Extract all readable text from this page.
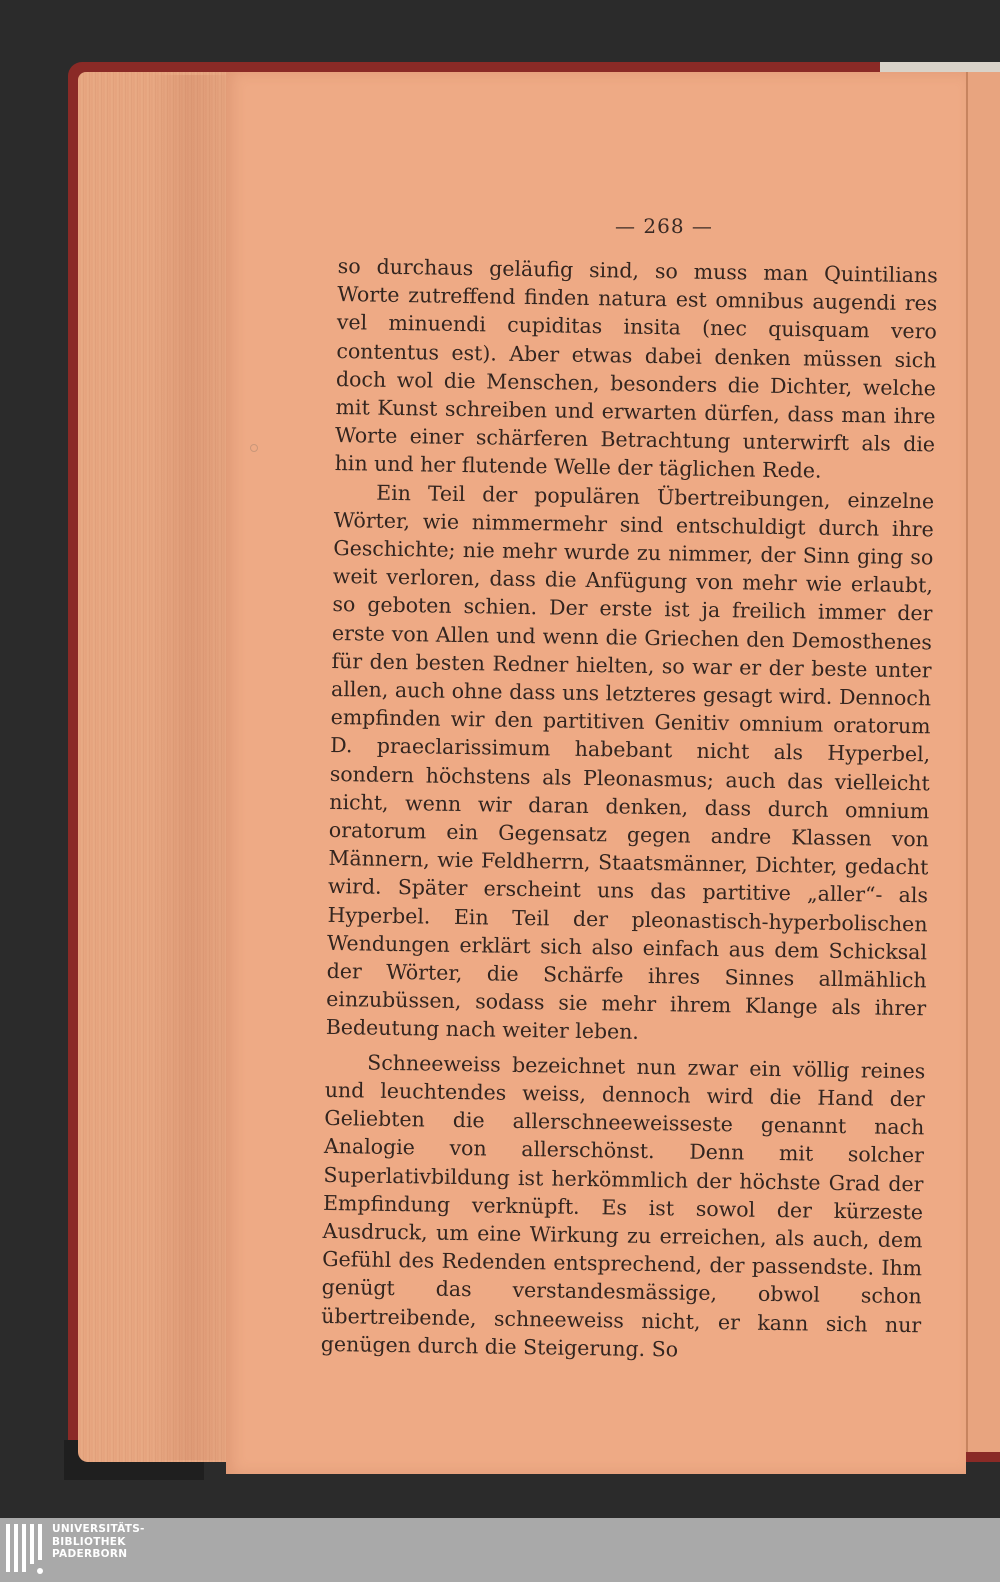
— 268 —

so durchaus geläufig sind, so muss man Quintilians Worte zutreffend finden natura est omnibus augendi res vel minuendi cupiditas insita (nec quisquam vero contentus est). Aber etwas dabei denken müssen sich doch wol die Menschen, besonders die Dichter, welche mit Kunst schreiben und erwarten dürfen, dass man ihre Worte einer schärferen Betrachtung unterwirft als die hin und her flutende Welle der täglichen Rede.

Ein Teil der populären Übertreibungen, einzelne Wörter, wie nimmermehr sind entschuldigt durch ihre Geschichte; nie mehr wurde zu nimmer, der Sinn ging so weit verloren, dass die Anfügung von mehr wie erlaubt, so geboten schien. Der erste ist ja freilich immer der erste von Allen und wenn die Griechen den Demosthenes für den besten Redner hielten, so war er der beste unter allen, auch ohne dass uns letzteres gesagt wird. Dennoch empfinden wir den partitiven Genitiv omnium oratorum D. praeclarissimum habebant nicht als Hyperbel, sondern höchstens als Pleonasmus; auch das vielleicht nicht, wenn wir daran denken, dass durch omnium oratorum ein Gegensatz gegen andre Klassen von Männern, wie Feldherrn, Staatsmänner, Dichter, gedacht wird. Später erscheint uns das partitive „aller“- als Hyperbel. Ein Teil der pleonastisch-hyperbolischen Wendungen erklärt sich also einfach aus dem Schicksal der Wörter, die Schärfe ihres Sinnes allmählich einzubüssen, sodass sie mehr ihrem Klange als ihrer Bedeutung nach weiter leben.

Schneeweiss bezeichnet nun zwar ein völlig reines und leuchtendes weiss, dennoch wird die Hand der Geliebten die allerschneeweisseste genannt nach Analogie von allerschönst. Denn mit solcher Superlativbildung ist herkömmlich der höchste Grad der Empfindung verknüpft. Es ist sowol der kürzeste Ausdruck, um eine Wirkung zu erreichen, als auch, dem Gefühl des Redenden entsprechend, der passendste. Ihm genügt das verstandesmässige, obwol schon übertreibende, schneeweiss nicht, er kann sich nur genügen durch die Steigerung. So

UNIVERSITÄTS-
BIBLIOTHEK
PADERBORN
